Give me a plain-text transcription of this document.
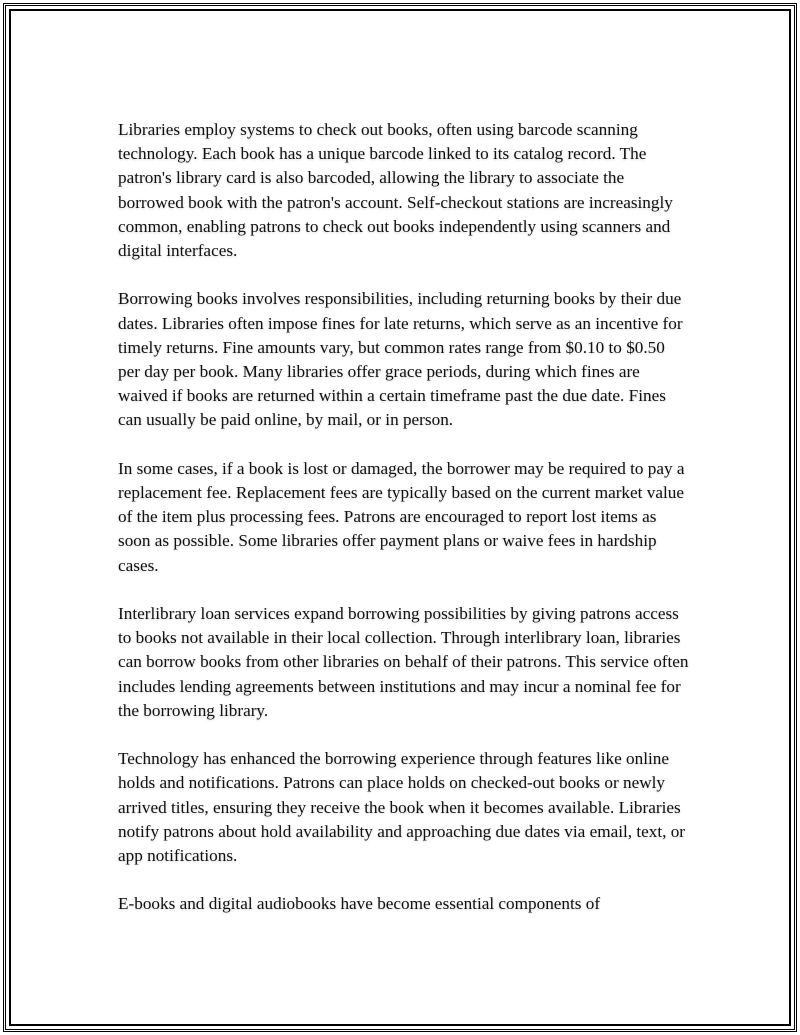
Libraries employ systems to check out books, often using barcode scanning technology. Each book has a unique barcode linked to its catalog record. The patron's library card is also barcoded, allowing the library to associate the borrowed book with the patron's account. Self-checkout stations are increasingly common, enabling patrons to check out books independently using scanners and digital interfaces.

Borrowing books involves responsibilities, including returning books by their due dates. Libraries often impose fines for late returns, which serve as an incentive for timely returns. Fine amounts vary, but common rates range from $0.10 to $0.50 per day per book. Many libraries offer grace periods, during which fines are waived if books are returned within a certain timeframe past the due date. Fines can usually be paid online, by mail, or in person.

In some cases, if a book is lost or damaged, the borrower may be required to pay a replacement fee. Replacement fees are typically based on the current market value of the item plus processing fees. Patrons are encouraged to report lost items as soon as possible. Some libraries offer payment plans or waive fees in hardship cases.

Interlibrary loan services expand borrowing possibilities by giving patrons access to books not available in their local collection. Through interlibrary loan, libraries can borrow books from other libraries on behalf of their patrons. This service often includes lending agreements between institutions and may incur a nominal fee for the borrowing library.

Technology has enhanced the borrowing experience through features like online holds and notifications. Patrons can place holds on checked-out books or newly arrived titles, ensuring they receive the book when it becomes available. Libraries notify patrons about hold availability and approaching due dates via email, text, or app notifications.

E-books and digital audiobooks have become essential components of
